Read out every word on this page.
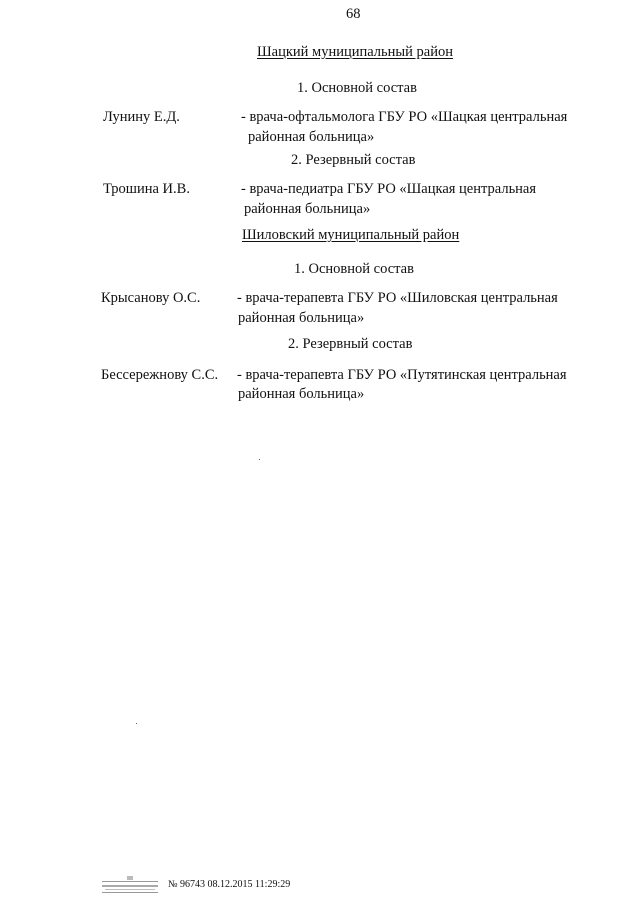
68
Шацкий муниципальный район
1. Основной состав
Лунину Е.Д.	- врача-офтальмолога ГБУ РО «Шацкая центральная
районная больница»
2. Резервный состав
Трошина И.В.	- врача-педиатра ГБУ РО «Шацкая центральная
районная больница»
Шиловский муниципальный район
1. Основной состав
Крысанову О.С.	- врача-терапевта ГБУ РО «Шиловская центральная
районная больница»
2. Резервный состав
Бессережнову С.С. - врача-терапевта ГБУ РО «Путятинская центральная
районная больница»
№ 96743 08.12.2015 11:29:29
